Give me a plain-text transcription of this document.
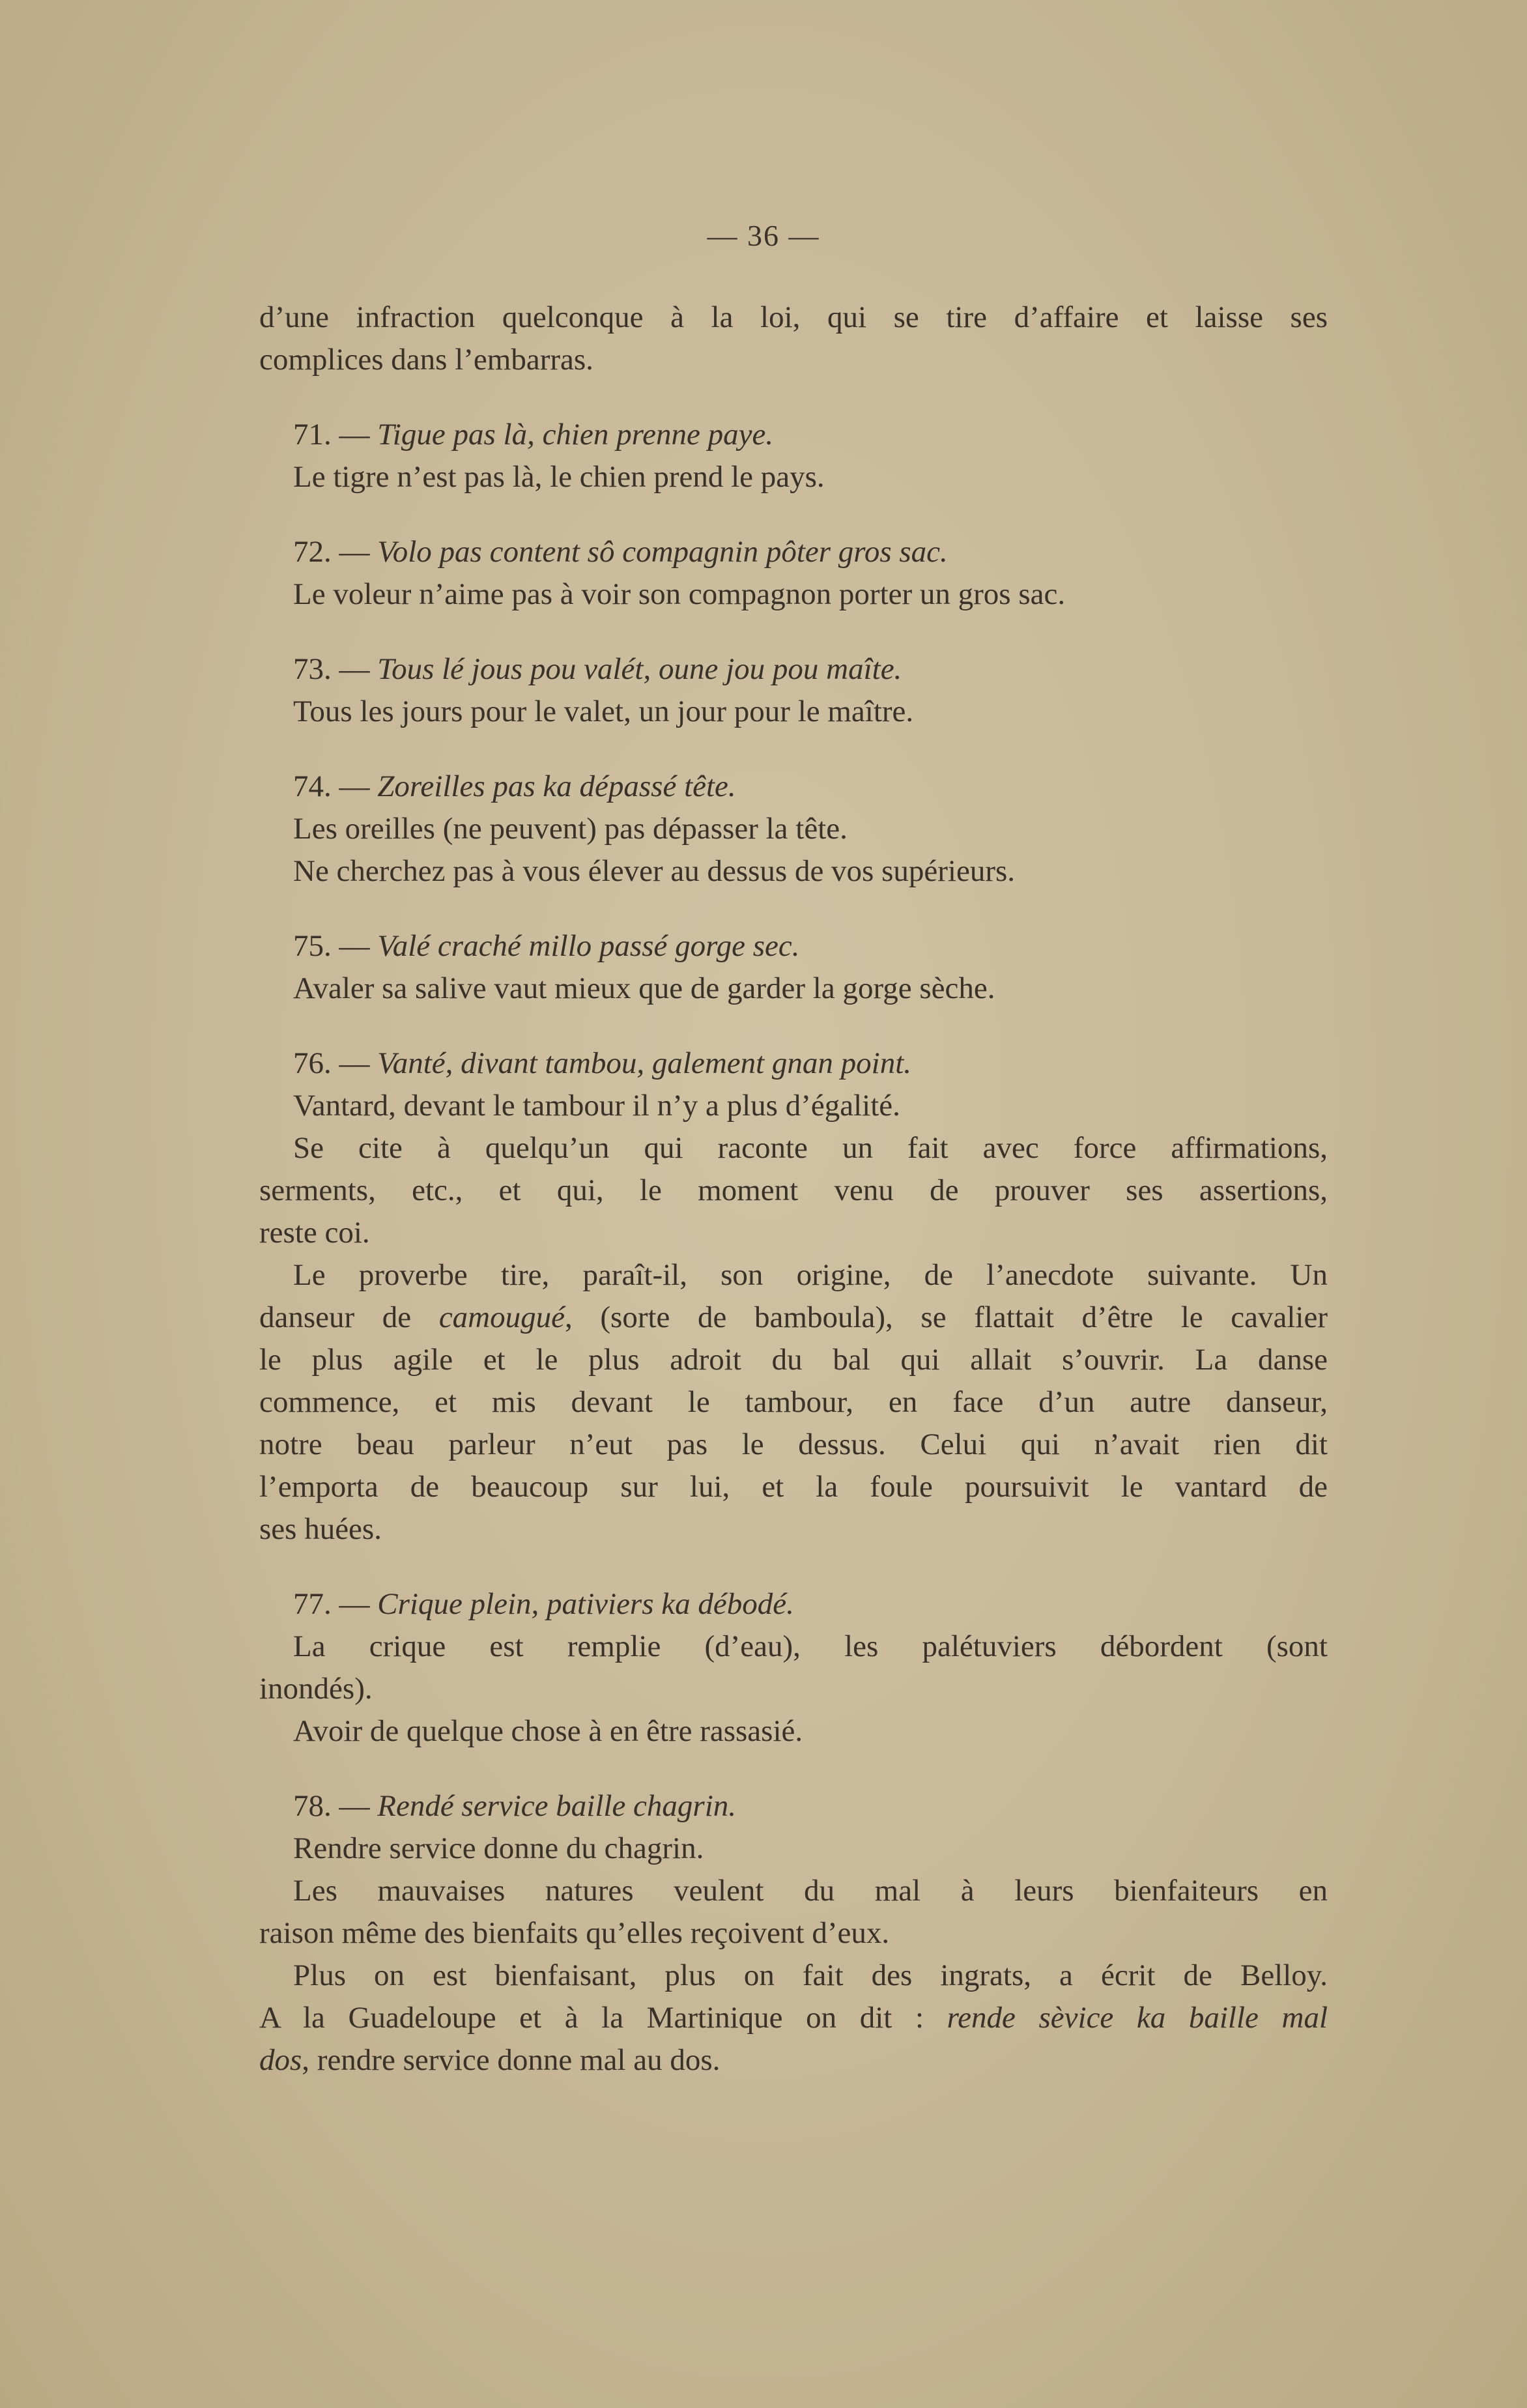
— 36 —
d’une infraction quelconque à la loi, qui se tire d’affaire et laisse ses
complices dans l’embarras.
71. — Tigue pas là, chien prenne paye.
Le tigre n’est pas là, le chien prend le pays.
72. — Volo pas content sô compagnin pôter gros sac.
Le voleur n’aime pas à voir son compagnon porter un gros sac.
73. — Tous lé jous pou valét, oune jou pou maîte.
Tous les jours pour le valet, un jour pour le maître.
74. — Zoreilles pas ka dépassé tête.
Les oreilles (ne peuvent) pas dépasser la tête.
Ne cherchez pas à vous élever au dessus de vos supérieurs.
75. — Valé craché millo passé gorge sec.
Avaler sa salive vaut mieux que de garder la gorge sèche.
76. — Vanté, divant tambou, galement gnan point.
Vantard, devant le tambour il n’y a plus d’égalité.
Se cite à quelqu’un qui raconte un fait avec force affirmations,
serments, etc., et qui, le moment venu de prouver ses assertions,
reste coi.
Le proverbe tire, paraît-il, son origine, de l’anecdote suivante. Un
danseur de camougué, (sorte de bamboula), se flattait d’être le cavalier
le plus agile et le plus adroit du bal qui allait s’ouvrir. La danse
commence, et mis devant le tambour, en face d’un autre danseur,
notre beau parleur n’eut pas le dessus. Celui qui n’avait rien dit
l’emporta de beaucoup sur lui, et la foule poursuivit le vantard de
ses huées.
77. — Crique plein, pativiers ka débodé.
La crique est remplie (d’eau), les palétuviers débordent (sont
inondés).
Avoir de quelque chose à en être rassasié.
78. — Rendé service baille chagrin.
Rendre service donne du chagrin.
Les mauvaises natures veulent du mal à leurs bienfaiteurs en
raison même des bienfaits qu’elles reçoivent d’eux.
Plus on est bienfaisant, plus on fait des ingrats, a écrit de Belloy.
A la Guadeloupe et à la Martinique on dit : rende sèvice ka baille mal
dos, rendre service donne mal au dos.
